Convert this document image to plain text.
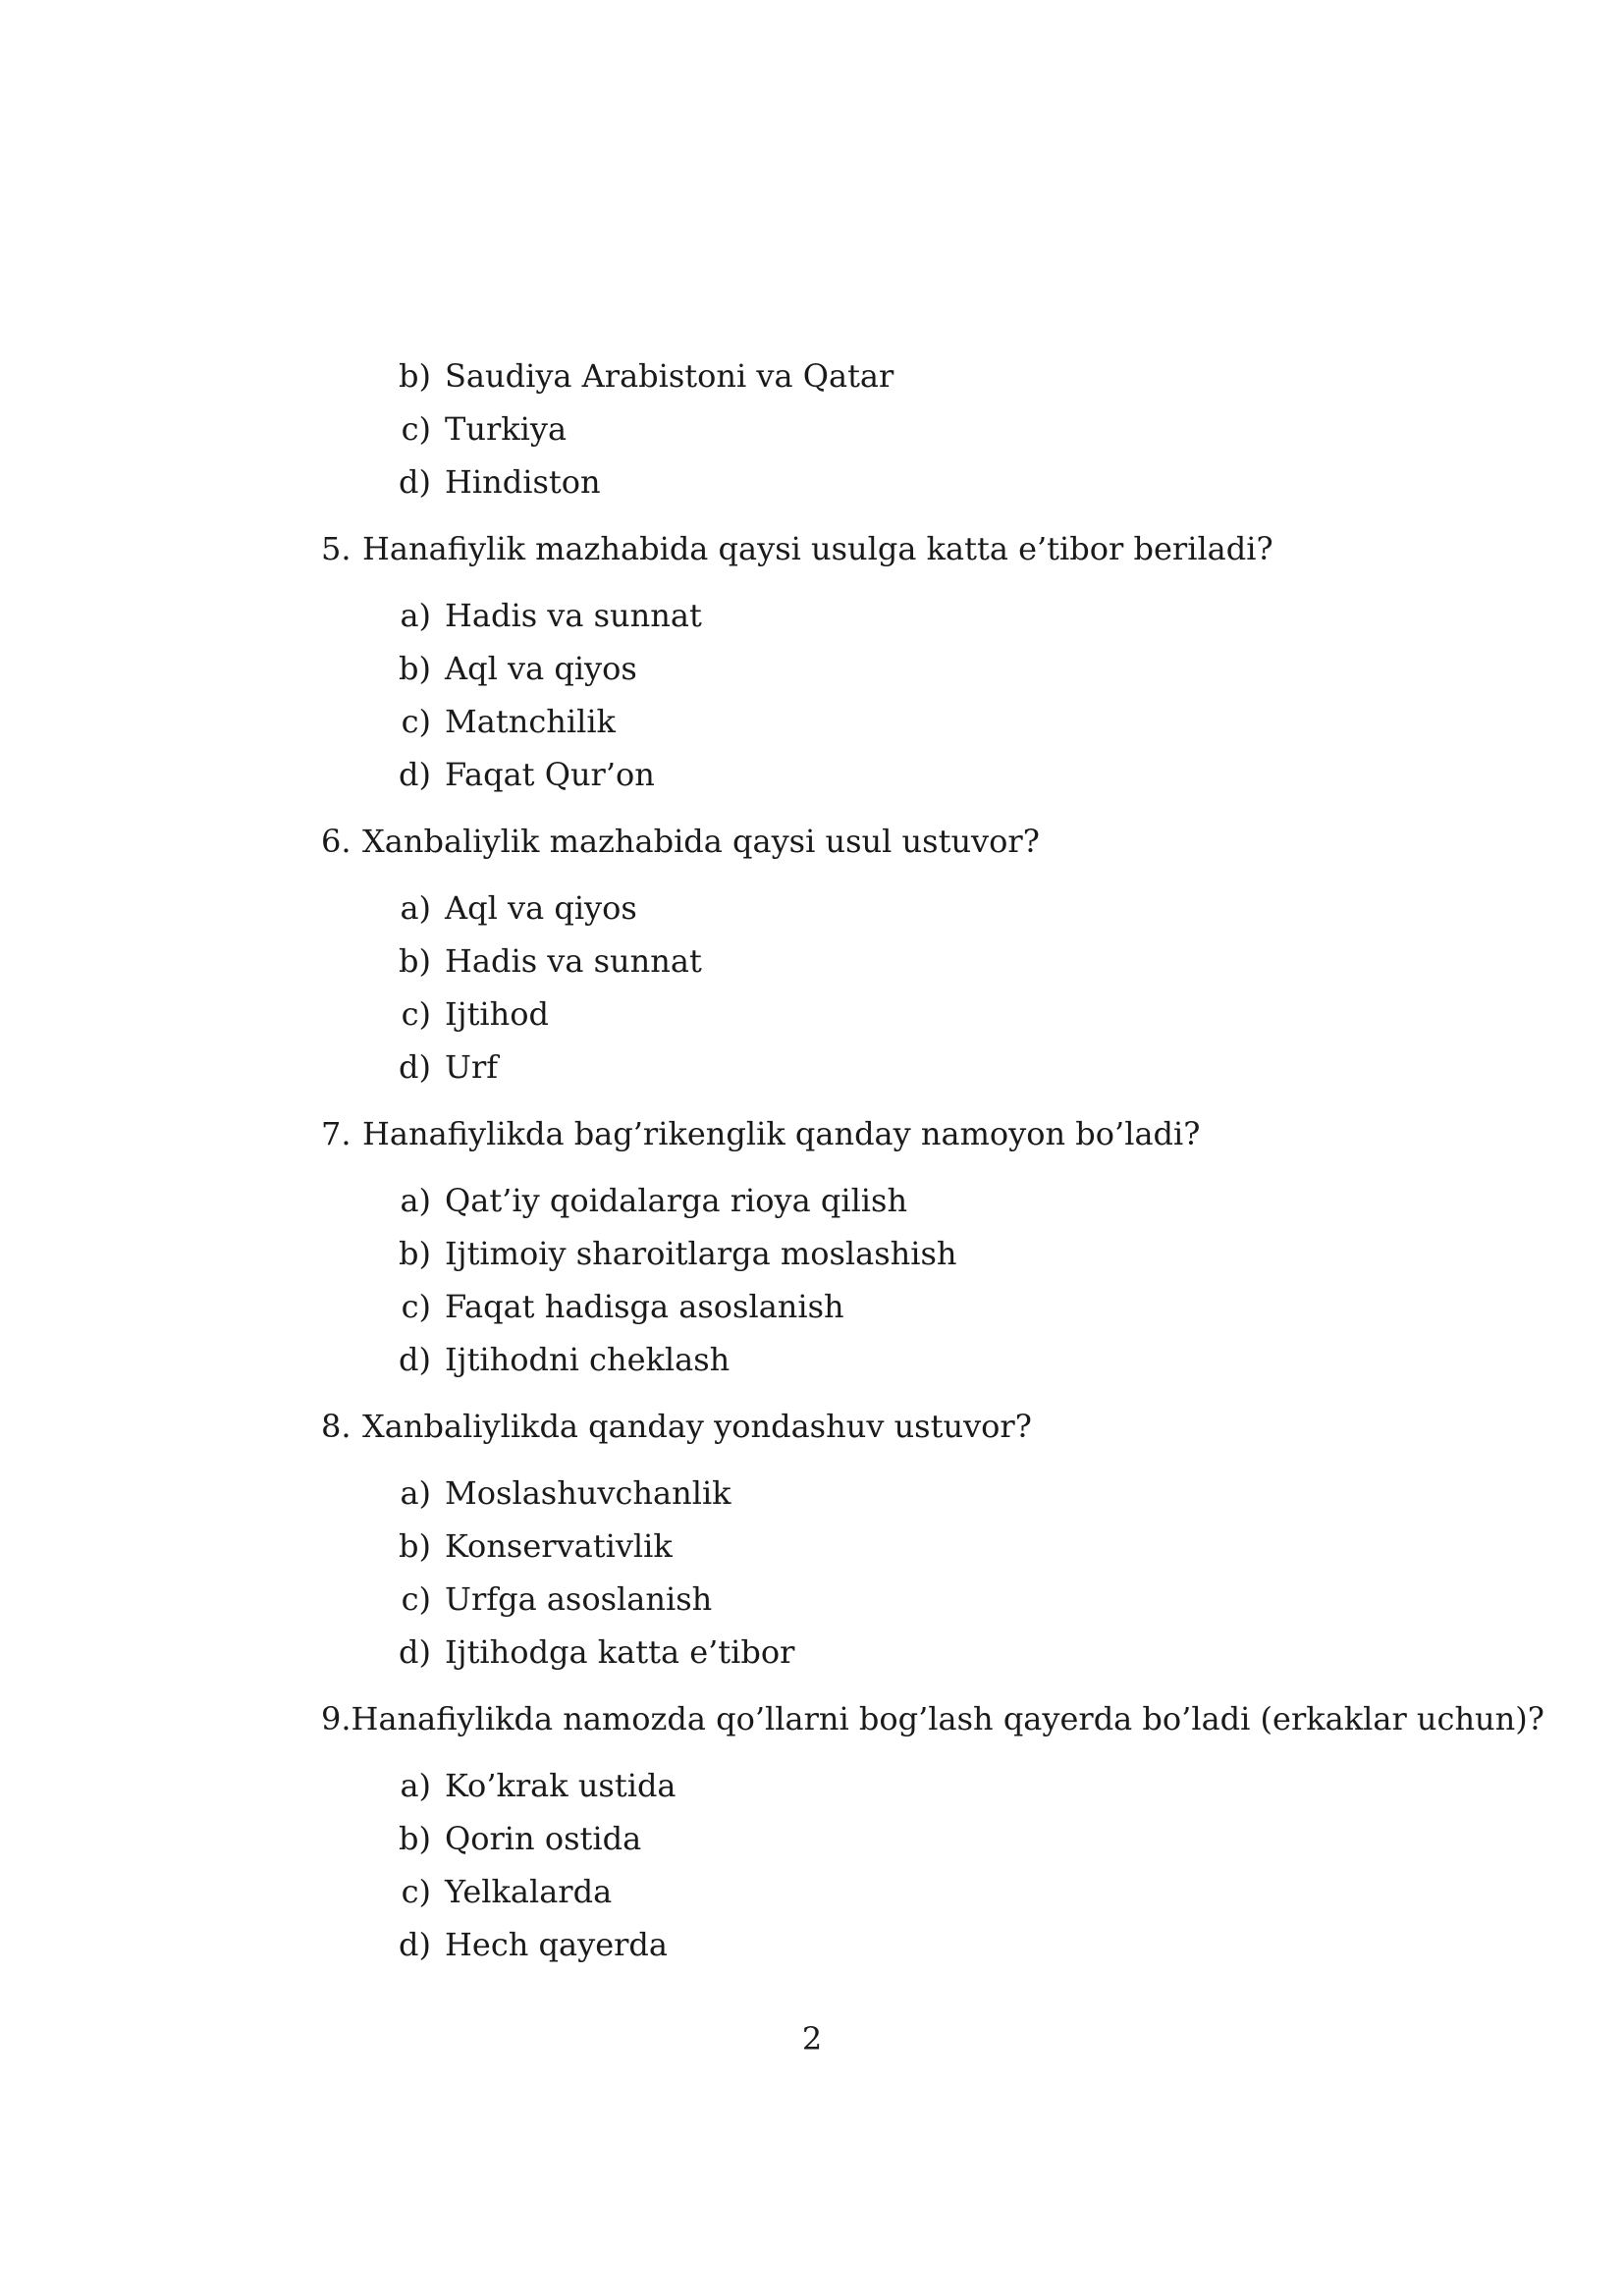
b) Saudiya Arabistoni va Qatar
c) Turkiya
d) Hindiston
5. Hanafiylik mazhabida qaysi usulga katta e’tibor beriladi?
a) Hadis va sunnat
b) Aql va qiyos
c) Matnchilik
d) Faqat Qur’on
6. Xanbaliylik mazhabida qaysi usul ustuvor?
a) Aql va qiyos
b) Hadis va sunnat
c) Ijtihod
d) Urf
7. Hanafiylikda bag’rikenglik qanday namoyon bo’ladi?
a) Qat’iy qoidalarga rioya qilish
b) Ijtimoiy sharoitlarga moslashish
c) Faqat hadisga asoslanish
d) Ijtihodni cheklash
8. Xanbaliylikda qanday yondashuv ustuvor?
a) Moslashuvchanlik
b) Konservativlik
c) Urfga asoslanish
d) Ijtihodga katta e’tibor
9. Hanafiylikda namozda qo’llarni bog’lash qayerda bo’ladi (erkaklar uchun)?
a) Ko’krak ustida
b) Qorin ostida
c) Yelkalarda
d) Hech qayerda
2
